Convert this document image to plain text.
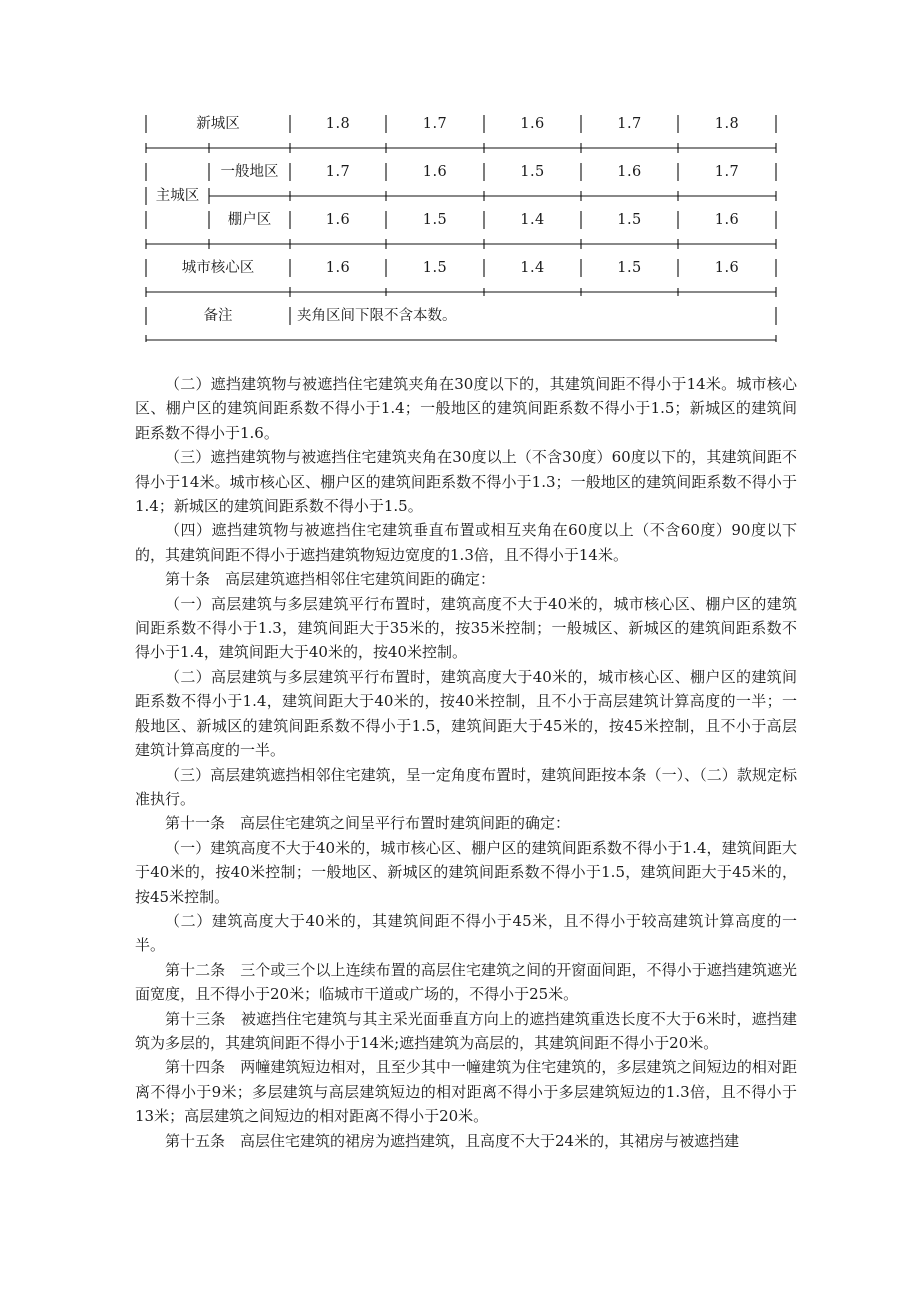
新城区	1.8	1.7	1.6	1.7	1.8
主城区
一般地区	1.7	1.6	1.5	1.6	1.7
棚户区	1.6	1.5	1.4	1.5	1.6
城市核心区	1.6	1.5	1.4	1.5	1.6
备注	夹角区间下限不含本数。

（二）遮挡建筑物与被遮挡住宅建筑夹角在30度以下的，其建筑间距不得小于14米。城市核心区、棚户区的建筑间距系数不得小于1.4；一般地区的建筑间距系数不得小于1.5；新城区的建筑间距系数不得小于1.6。

（三）遮挡建筑物与被遮挡住宅建筑夹角在30度以上（不含30度）60度以下的，其建筑间距不得小于14米。城市核心区、棚户区的建筑间距系数不得小于1.3；一般地区的建筑间距系数不得小于1.4；新城区的建筑间距系数不得小于1.5。

（四）遮挡建筑物与被遮挡住宅建筑垂直布置或相互夹角在60度以上（不含60度）90度以下的，其建筑间距不得小于遮挡建筑物短边宽度的1.3倍，且不得小于14米。

第十条　高层建筑遮挡相邻住宅建筑间距的确定：

（一）高层建筑与多层建筑平行布置时，建筑高度不大于40米的，城市核心区、棚户区的建筑间距系数不得小于1.3，建筑间距大于35米的，按35米控制；一般城区、新城区的建筑间距系数不得小于1.4，建筑间距大于40米的，按40米控制。

（二）高层建筑与多层建筑平行布置时，建筑高度大于40米的，城市核心区、棚户区的建筑间距系数不得小于1.4，建筑间距大于40米的，按40米控制，且不小于高层建筑计算高度的一半；一般地区、新城区的建筑间距系数不得小于1.5，建筑间距大于45米的，按45米控制，且不小于高层建筑计算高度的一半。

（三）高层建筑遮挡相邻住宅建筑，呈一定角度布置时，建筑间距按本条（一）、（二）款规定标准执行。

第十一条　高层住宅建筑之间呈平行布置时建筑间距的确定：

（一）建筑高度不大于40米的，城市核心区、棚户区的建筑间距系数不得小于1.4，建筑间距大于40米的，按40米控制；一般地区、新城区的建筑间距系数不得小于1.5，建筑间距大于45米的，按45米控制。

（二）建筑高度大于40米的，其建筑间距不得小于45米，且不得小于较高建筑计算高度的一半。

第十二条　三个或三个以上连续布置的高层住宅建筑之间的开窗面间距，不得小于遮挡建筑遮光面宽度，且不得小于20米；临城市干道或广场的，不得小于25米。

第十三条　被遮挡住宅建筑与其主采光面垂直方向上的遮挡建筑重迭长度不大于6米时，遮挡建筑为多层的，其建筑间距不得小于14米;遮挡建筑为高层的，其建筑间距不得小于20米。

第十四条　两幢建筑短边相对，且至少其中一幢建筑为住宅建筑的，多层建筑之间短边的相对距离不得小于9米；多层建筑与高层建筑短边的相对距离不得小于多层建筑短边的1.3倍，且不得小于13米；高层建筑之间短边的相对距离不得小于20米。

第十五条　高层住宅建筑的裙房为遮挡建筑，且高度不大于24米的，其裙房与被遮挡建
